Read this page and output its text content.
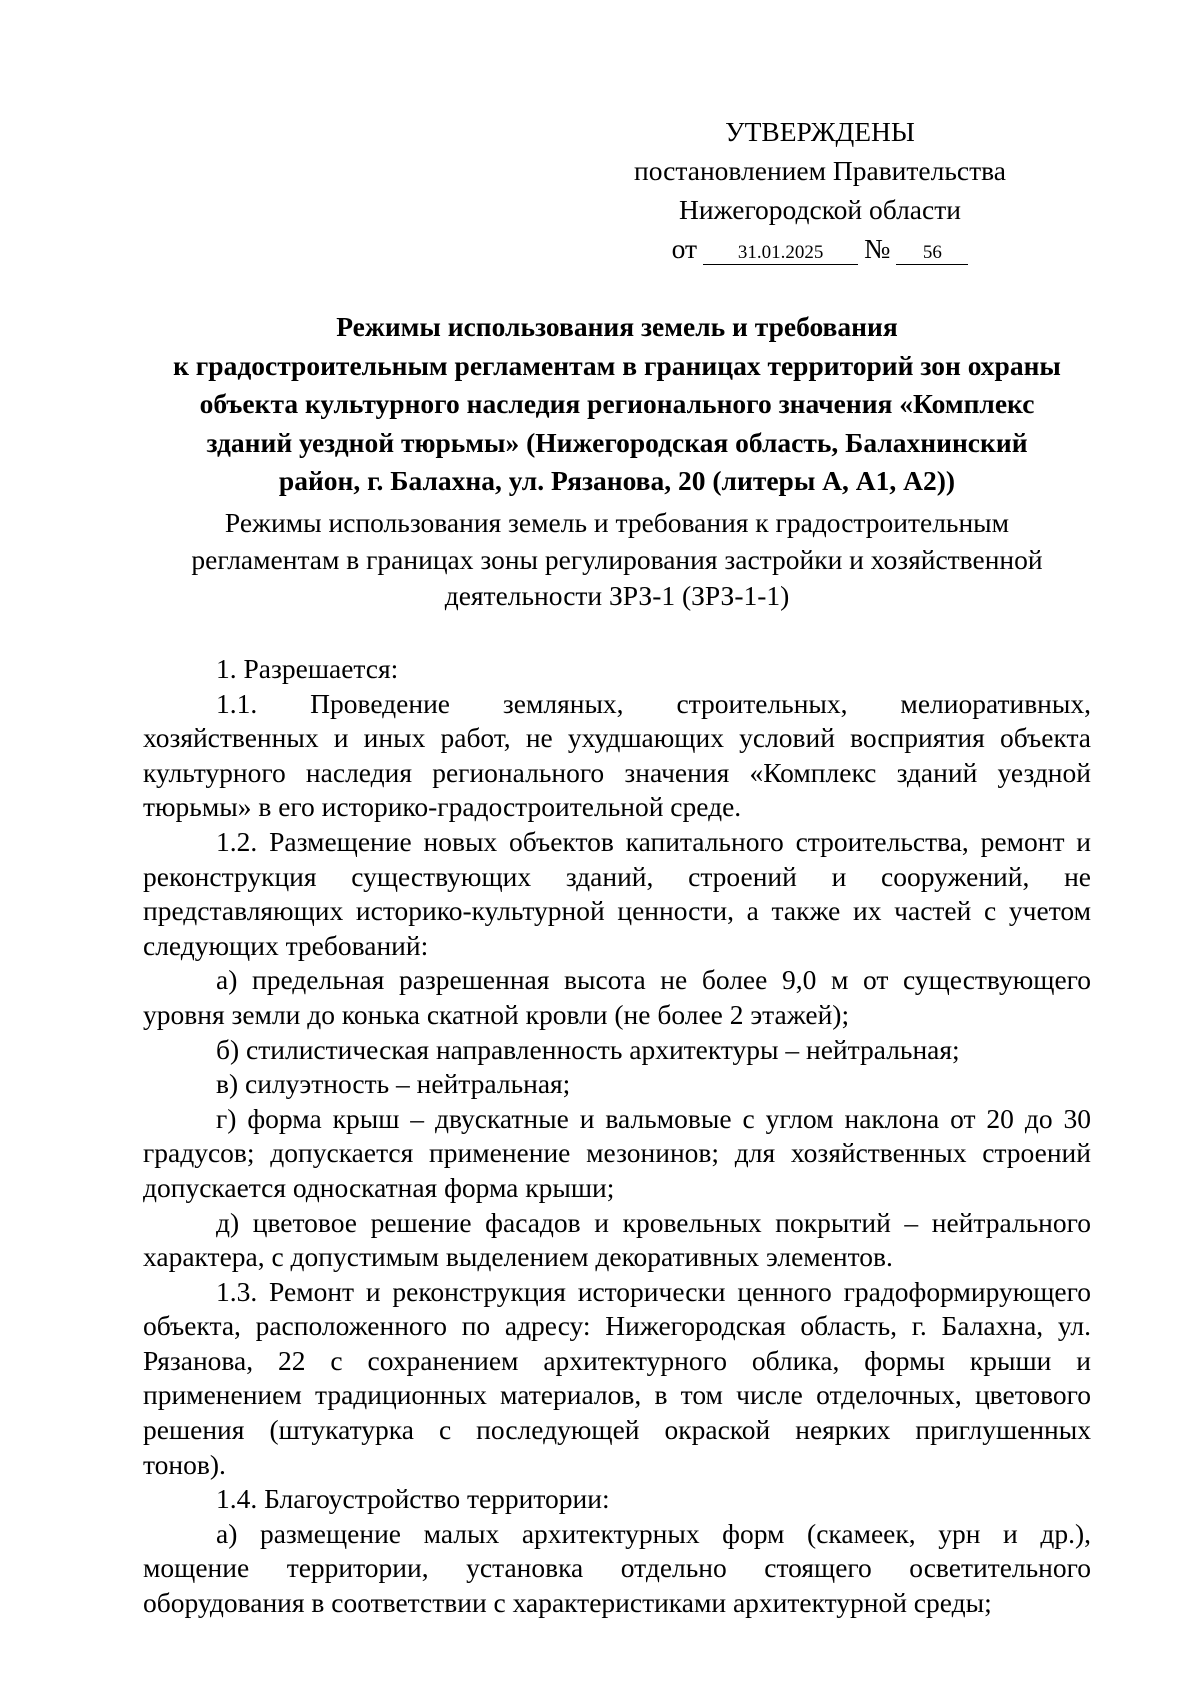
УТВЕРЖДЕНЫ
постановлением Правительства
Нижегородской области
от 31.01.2025 № 56
Режимы использования земель и требования
к градостроительным регламентам в границах территорий зон охраны
объекта культурного наследия регионального значения «Комплекс
зданий уездной тюрьмы» (Нижегородская область, Балахнинский
район, г. Балахна, ул. Рязанова, 20 (литеры А, А1, А2))
Режимы использования земель и требования к градостроительным
регламентам в границах зоны регулирования застройки и хозяйственной
деятельности ЗРЗ-1 (ЗРЗ-1-1)
1. Разрешается:
1.1. Проведение земляных, строительных, мелиоративных,
хозяйственных и иных работ, не ухудшающих условий восприятия объекта
культурного наследия регионального значения «Комплекс зданий уездной
тюрьмы» в его историко-градостроительной среде.
1.2. Размещение новых объектов капитального строительства, ремонт и
реконструкция существующих зданий, строений и сооружений, не
представляющих историко-культурной ценности, а также их частей с учетом
следующих требований:
а) предельная разрешенная высота не более 9,0 м от существующего
уровня земли до конька скатной кровли (не более 2 этажей);
б) стилистическая направленность архитектуры – нейтральная;
в) силуэтность – нейтральная;
г) форма крыш – двускатные и вальмовые с углом наклона от 20 до 30
градусов; допускается применение мезонинов; для хозяйственных строений
допускается односкатная форма крыши;
д) цветовое решение фасадов и кровельных покрытий – нейтрального
характера, с допустимым выделением декоративных элементов.
1.3. Ремонт и реконструкция исторически ценного градоформирующего
объекта, расположенного по адресу: Нижегородская область, г. Балахна, ул.
Рязанова, 22 с сохранением архитектурного облика, формы крыши и
применением традиционных материалов, в том числе отделочных, цветового
решения (штукатурка с последующей окраской неярких приглушенных
тонов).
1.4. Благоустройство территории:
а) размещение малых архитектурных форм (скамеек, урн и др.),
мощение территории, установка отдельно стоящего осветительного
оборудования в соответствии с характеристиками архитектурной среды;
